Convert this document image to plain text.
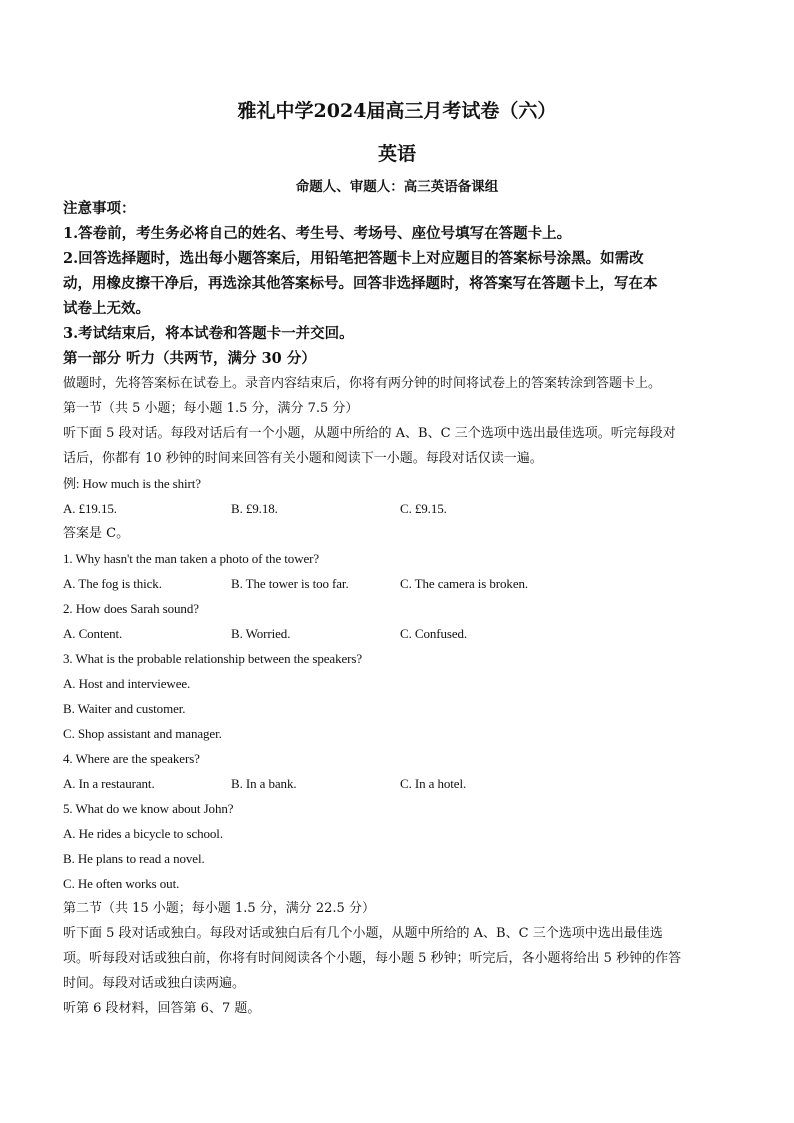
雅礼中学2024届高三月考试卷（六）
英语
命题人、审题人：高三英语备课组
注意事项：
1.答卷前，考生务必将自己的姓名、考生号、考场号、座位号填写在答题卡上。
2.回答选择题时，选出每小题答案后，用铅笔把答题卡上对应题目的答案标号涂黑。如需改
动，用橡皮擦干净后，再选涂其他答案标号。回答非选择题时，将答案写在答题卡上，写在本
试卷上无效。
3.考试结束后，将本试卷和答题卡一并交回。
第一部分 听力（共两节，满分 30 分）
做题时，先将答案标在试卷上。录音内容结束后，你将有两分钟的时间将试卷上的答案转涂到答题卡上。
第一节（共 5 小题；每小题 1.5 分，满分 7.5 分）
听下面 5 段对话。每段对话后有一个小题，从题中所给的 A、B、C 三个选项中选出最佳选项。听完每段对
话后，你都有 10 秒钟的时间来回答有关小题和阅读下一小题。每段对话仅读一遍。
例: How much is the shirt?
A. £19.15.	B. £9.18.	C. £9.15.
答案是 C。
1. Why hasn't the man taken a photo of the tower?
A. The fog is thick.	B. The tower is too far.	C. The camera is broken.
2. How does Sarah sound?
A. Content.	B. Worried.	C. Confused.
3. What is the probable relationship between the speakers?
A. Host and interviewee.
B. Waiter and customer.
C. Shop assistant and manager.
4. Where are the speakers?
A. In a restaurant.	B. In a bank.	C. In a hotel.
5. What do we know about John?
A. He rides a bicycle to school.
B. He plans to read a novel.
C. He often works out.
第二节（共 15 小题；每小题 1.5 分，满分 22.5 分）
听下面 5 段对话或独白。每段对话或独白后有几个小题，从题中所给的 A、B、C 三个选项中选出最佳选
项。听每段对话或独白前，你将有时间阅读各个小题，每小题 5 秒钟；听完后，各小题将给出 5 秒钟的作答
时间。每段对话或独白读两遍。
听第 6 段材料，回答第 6、7 题。
